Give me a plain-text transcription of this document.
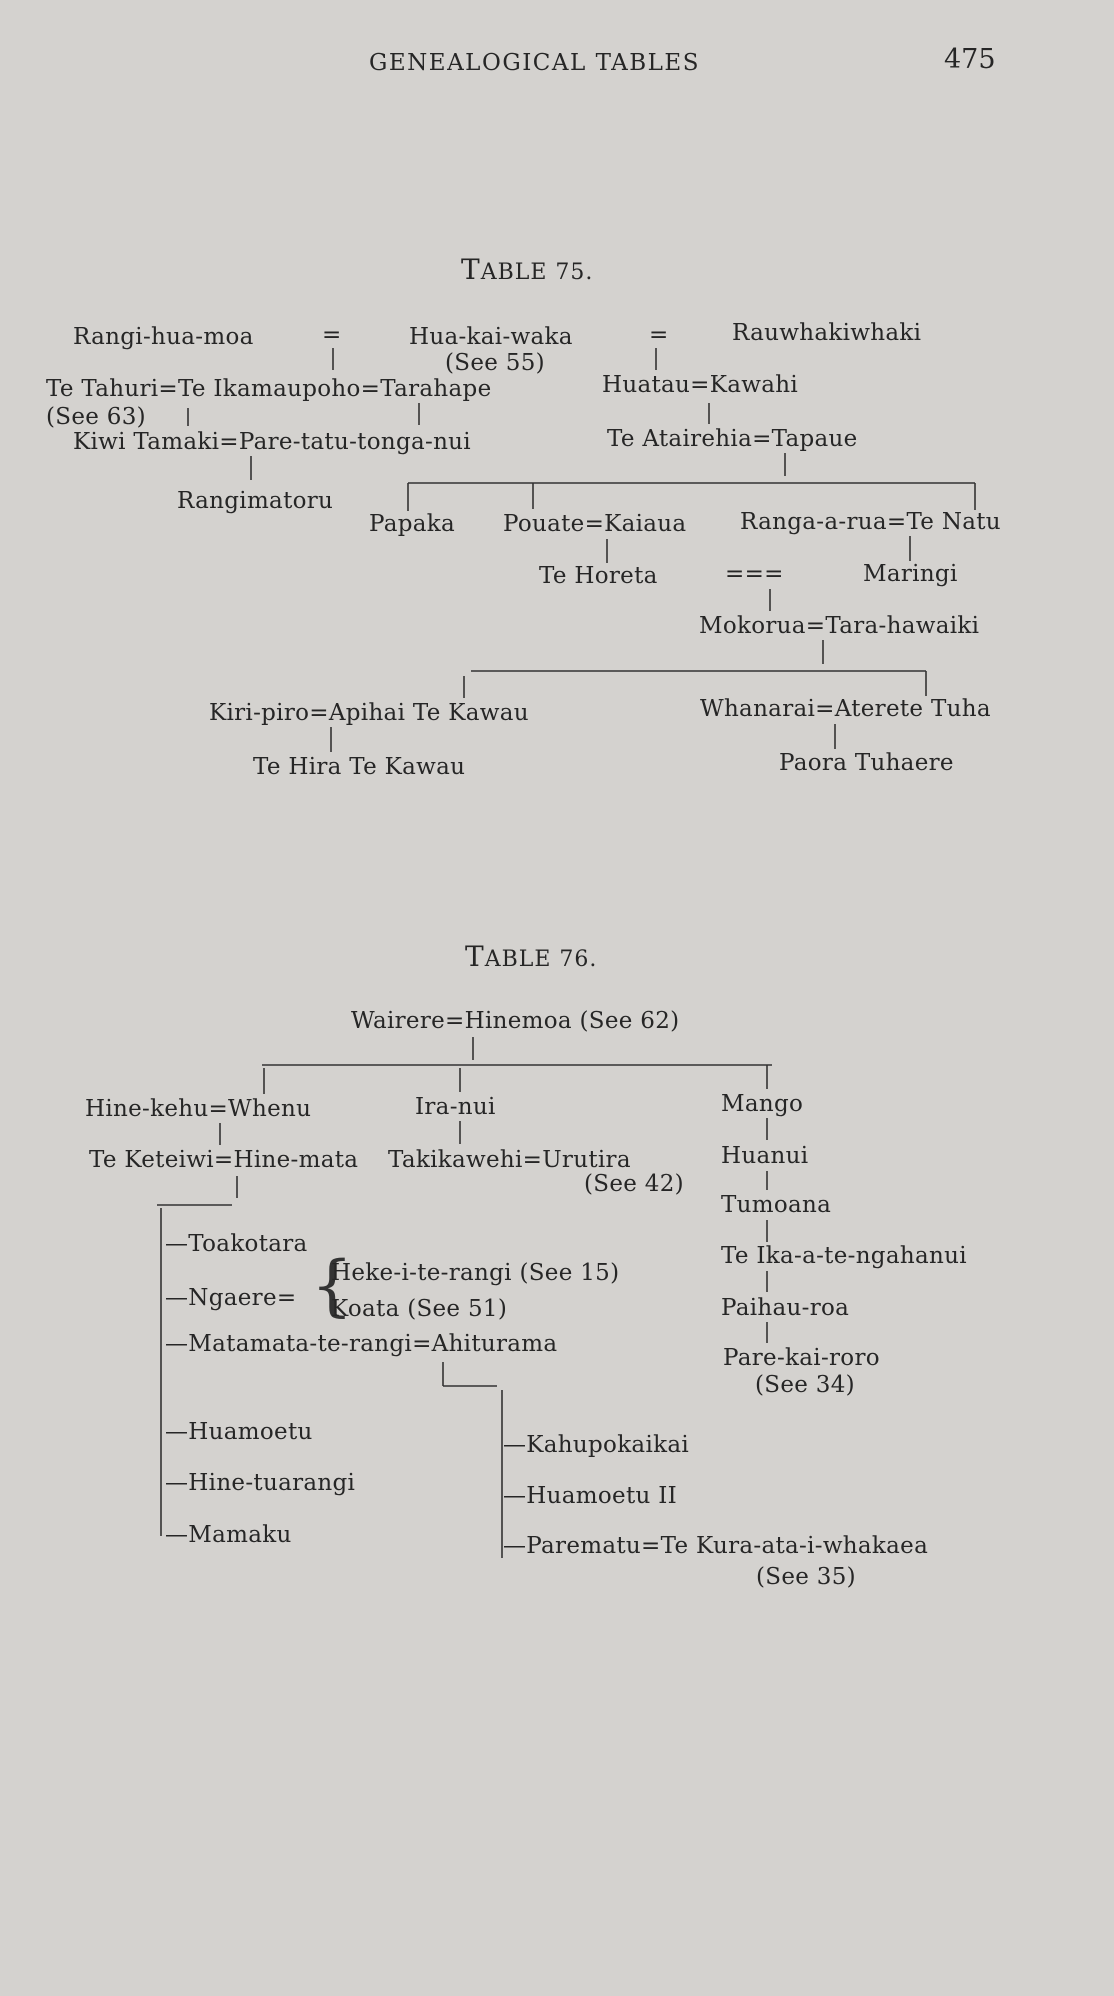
GENEALOGICAL TABLES	475
TABLE 75.
Rangi-hua-moa	=	Hua-kai-waka	=	Rauwhakiwhaki
(See 55)
Te Tahuri=Te Ikamaupoho=Tarahape	Huatau=Kawahi
(See 63)
Kiwi Tamaki=Pare-tatu-tonga-nui	Te Atairehia=Tapaue
Rangimatoru
Papaka Pouate=Kaiaua Ranga-a-rua=Te Natu
Te Horeta	===	Maringi
Mokorua=Tara-hawaiki
Kiri-piro=Apihai Te Kawau	Whanarai=Aterete Tuha
Te Hira Te Kawau	Paora Tuhaere
TABLE 76.
Wairere=Hinemoa (See 62)
Hine-kehu=Whenu	Ira-nui	Mango
Te Keteiwi=Hine-mata Takikawehi=Urutira	Huanui
(See 42)
Tumoana
—Toakotara	Te Ika-a-te-ngahanui
—Ngaere= {
Heke-i-te-rangi (See 15)
Koata (See 51)	Paihau-roa
—Matamata-te-rangi=Ahiturama
Pare-kai-roro
(See 34)
—Huamoetu	—Kahupokaikai
—Hine-tuarangi	—Huamoetu II
—Mamaku	—Parematu=Te Kura-ata-i-whakaea
(See 35)
